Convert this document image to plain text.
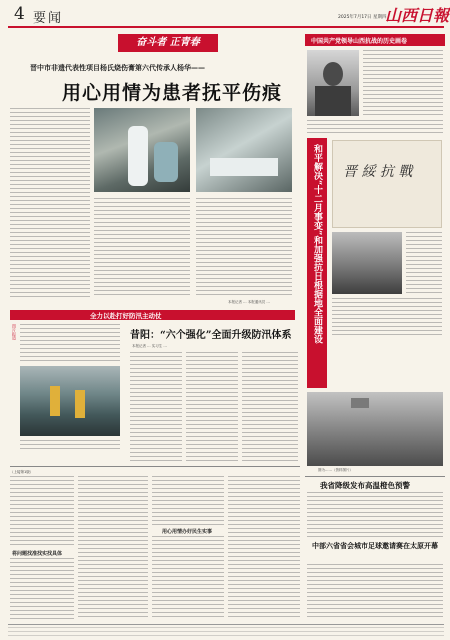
4 要闻	2025年7月17日 星期四
山西日報
奋斗者 正青春
晋中市非遗代表性项目杨氏烧伤膏第六代传承人杨华——
用心用情为患者抚平伤痕
本报记者 … 本报通讯员 …
全力以赴打好防汛主动仗
图片报道	昔阳：“六个强化”全面升级防汛体系
本报记者 … 实习生 …
（上接第1版）
将问题找准找实找具体
用心用情办好民生实事
中国共产党领导山西抗战的历史画卷
和平解决“十二月事变”和加强抗日根据地全面建设 晋 綏 抗 戰
图为……（资料图片）
我省降级发布高温橙色预警
中部六省省会城市足球邀请赛在太原开幕
